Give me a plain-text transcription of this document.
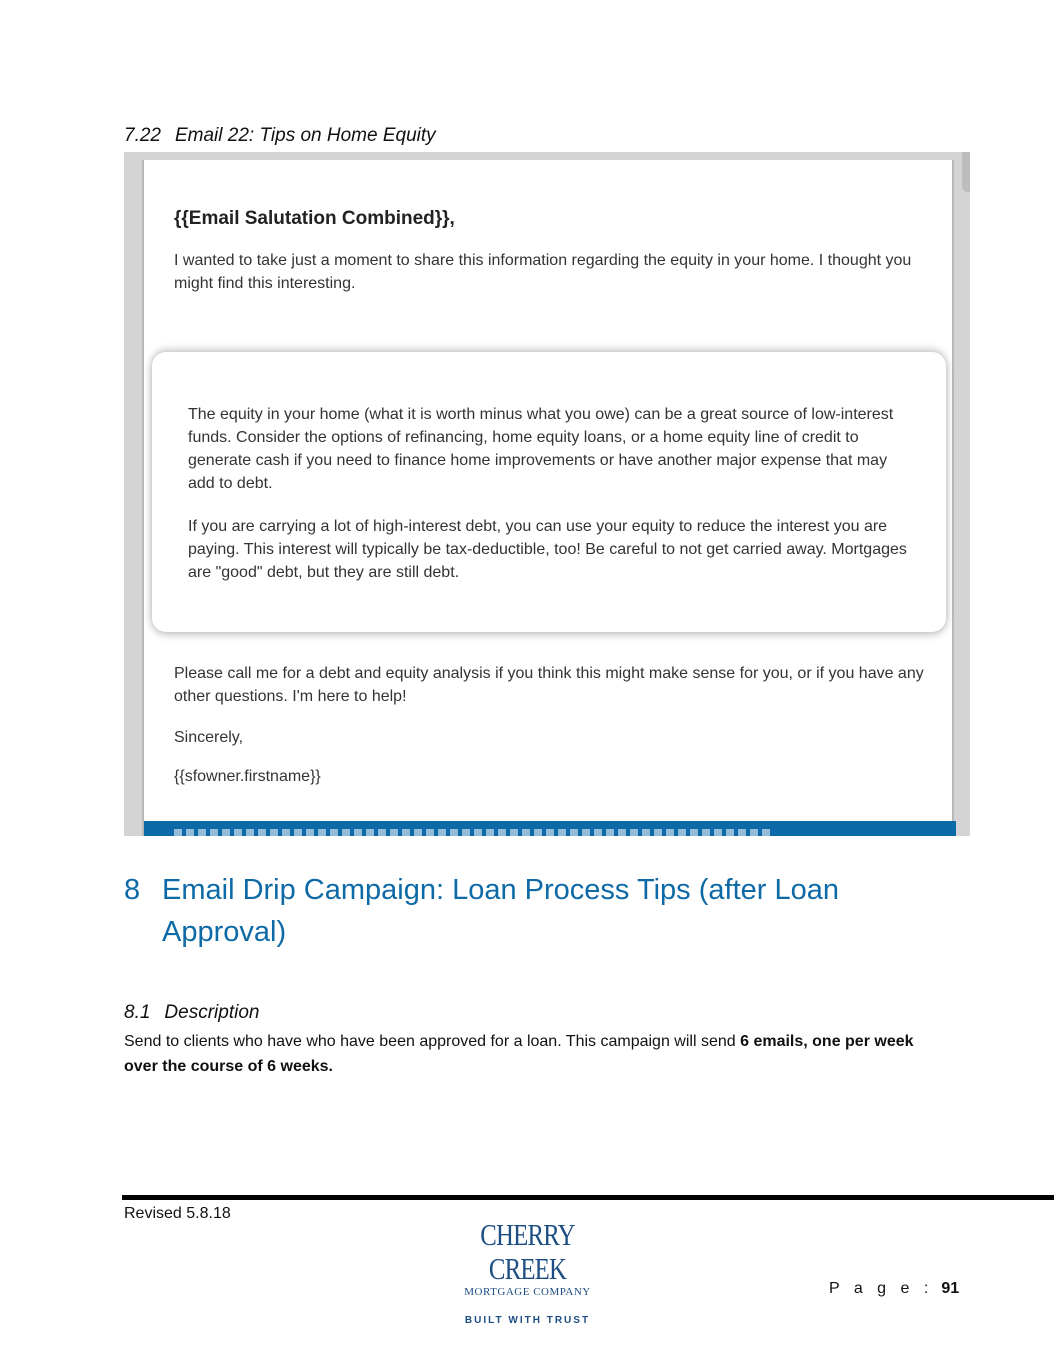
7.22 Email 22: Tips on Home Equity
{{Email Salutation Combined}},
I wanted to take just a moment to share this information regarding the equity in your home. I thought you might find this interesting.
The equity in your home (what it is worth minus what you owe) can be a great source of low-interest funds. Consider the options of refinancing, home equity loans, or a home equity line of credit to generate cash if you need to finance home improvements or have another major expense that may add to debt.
If you are carrying a lot of high-interest debt, you can use your equity to reduce the interest you are paying. This interest will typically be tax-deductible, too! Be careful to not get carried away. Mortgages are "good" debt, but they are still debt.
Please call me for a debt and equity analysis if you think this might make sense for you, or if you have any other questions. I'm here to help!
Sincerely,
{{sfowner.firstname}}
8 Email Drip Campaign: Loan Process Tips (after Loan Approval)
8.1 Description
Send to clients who have who have been approved for a loan. This campaign will send 6 emails, one per week over the course of 6 weeks.
Revised 5.8.18
CHERRY CREEK
MORTGAGE COMPANY
BUILT WITH TRUST
P a g e : 91
